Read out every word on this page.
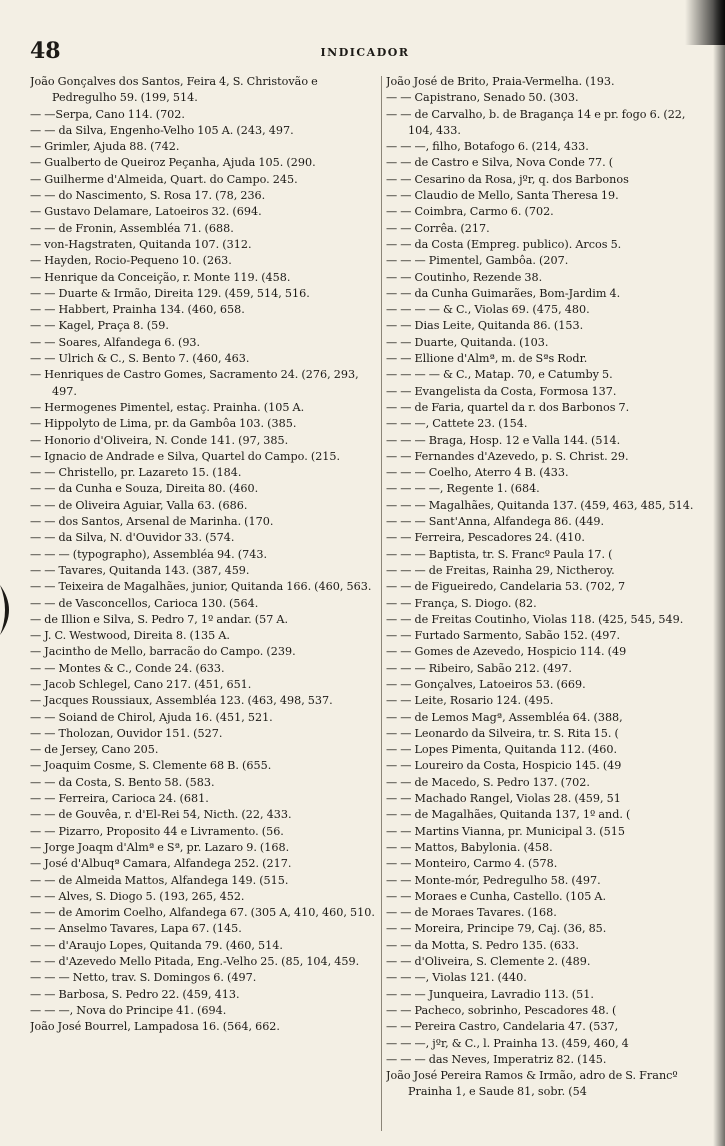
48	INDICADOR

João Gonçalves dos Santos, Feira 4, S. Christovão e Pedregulho 59. (199, 514.

— —Serpa, Cano 114. (702.

— — da Silva, Engenho-Velho 105 A. (243, 497.

— Grimler, Ajuda 88. (742.

— Gualberto de Queiroz Peçanha, Ajuda 105. (290.

— Guilherme d'Almeida, Quart. do Campo. 245.

— — do Nascimento, S. Rosa 17. (78, 236.

— Gustavo Delamare, Latoeiros 32. (694.

— — de Fronin, Assembléa 71. (688.

— von-Hagstraten, Quitanda 107. (312.

— Hayden, Rocio-Pequeno 10. (263.

— Henrique da Conceição, r. Monte 119. (458.

— — Duarte & Irmão, Direita 129. (459, 514, 516.

— — Habbert, Prainha 134. (460, 658.

— — Kagel, Praça 8. (59.

— — Soares, Alfandega 6. (93.

— — Ulrich & C., S. Bento 7. (460, 463.

— Henriques de Castro Gomes, Sacramento 24. (276, 293, 497.

— Hermogenes Pimentel, estaç. Prainha. (105 A.

— Hippolyto de Lima, pr. da Gambôa 103. (385.

— Honorio d'Oliveira, N. Conde 141. (97, 385.

— Ignacio de Andrade e Silva, Quartel do Campo. (215.

— — Christello, pr. Lazareto 15. (184.

— — da Cunha e Souza, Direita 80. (460.

— — de Oliveira Aguiar, Valla 63. (686.

— — dos Santos, Arsenal de Marinha. (170.

— — da Silva, N. d'Ouvidor 33. (574.

— — — (typographo), Assembléa 94. (743.

— — Tavares, Quitanda 143. (387, 459.

— — Teixeira de Magalhães, junior, Quitanda 166. (460, 563.

— — de Vasconcellos, Carioca 130. (564.

— de Illion e Silva, S. Pedro 7, 1º andar. (57 A.

— J. C. Westwood, Direita 8. (135 A.

— Jacintho de Mello, barracão do Campo. (239.

— — Montes & C., Conde 24. (633.

— Jacob Schlegel, Cano 217. (451, 651.

— Jacques Roussiaux, Assembléa 123. (463, 498, 537.

— — Soiand de Chirol, Ajuda 16. (451, 521.

— — Tholozan, Ouvidor 151. (527.

— de Jersey, Cano 205.

— Joaquim Cosme, S. Clemente 68 B. (655.

— — da Costa, S. Bento 58. (583.

— — Ferreira, Carioca 24. (681.

— — de Gouvêa, r. d'El-Rei 54, Nicth. (22, 433.

— — Pizarro, Proposito 44 e Livramento. (56.

— Jorge Joaqm d'Almª e Sª, pr. Lazaro 9. (168.

— José d'Albuqª Camara, Alfandega 252. (217.

— — de Almeida Mattos, Alfandega 149. (515.

— — Alves, S. Diogo 5. (193, 265, 452.

— — de Amorim Coelho, Alfandega 67. (305 A, 410, 460, 510.

— — Anselmo Tavares, Lapa 67. (145.

— — d'Araujo Lopes, Quitanda 79. (460, 514.

— — d'Azevedo Mello Pitada, Eng.-Velho 25. (85, 104, 459.

— — — Netto, trav. S. Domingos 6. (497.

— — Barbosa, S. Pedro 22. (459, 413.

— — —, Nova do Principe 41. (694.

João José Bourrel, Lampadosa 16. (564, 662.

João José de Brito, Praia-Vermelha. (193.

— — Capistrano, Senado 50. (303.

— — de Carvalho, b. de Bragança 14 e pr. fogo 6. (22, 104, 433.

— — —, filho, Botafogo 6. (214, 433.

— — de Castro e Silva, Nova Conde 77. (

— — Cesarino da Rosa, jºr, q. dos Barbonos

— — Claudio de Mello, Santa Theresa 19.

— — Coimbra, Carmo 6. (702.

— — Corrêa. (217.

— — da Costa (Empreg. publico). Arcos 5.

— — — Pimentel, Gambôa. (207.

— — Coutinho, Rezende 38.

— — da Cunha Guimarães, Bom-Jardim 4.

— — — — & C., Violas 69. (475, 480.

— — Dias Leite, Quitanda 86. (153.

— — Duarte, Quitanda. (103.

— — Ellione d'Almª, m. de Sªs Rodr.

— — — — & C., Matap. 70, e Catumby 5.

— — Evangelista da Costa, Formosa 137.

— — de Faria, quartel da r. dos Barbonos 7.

— — —, Cattete 23. (154.

— — — Braga, Hosp. 12 e Valla 144. (514.

— — Fernandes d'Azevedo, p. S. Christ. 29.

— — — Coelho, Aterro 4 B. (433.

— — — —, Regente 1. (684.

— — — Magalhães, Quitanda 137. (459, 463, 485, 514.

— — — Sant'Anna, Alfandega 86. (449.

— — Ferreira, Pescadores 24. (410.

— — — Baptista, tr. S. Francº Paula 17. (

— — — de Freitas, Rainha 29, Nictheroy.

— — de Figueiredo, Candelaria 53. (702, 7

— — França, S. Diogo. (82.

— — de Freitas Coutinho, Violas 118. (425, 545, 549.

— — Furtado Sarmento, Sabão 152. (497.

— — Gomes de Azevedo, Hospicio 114. (49

— — — Ribeiro, Sabão 212. (497.

— — Gonçalves, Latoeiros 53. (669.

— — Leite, Rosario 124. (495.

— — de Lemos Magª, Assembléa 64. (388,

— — Leonardo da Silveira, tr. S. Rita 15. (

— — Lopes Pimenta, Quitanda 112. (460.

— — Loureiro da Costa, Hospicio 145. (49

— — de Macedo, S. Pedro 137. (702.

— — Machado Rangel, Violas 28. (459, 51

— — de Magalhães, Quitanda 137, 1º and. (

— — Martins Vianna, pr. Municipal 3. (515

— — Mattos, Babylonia. (458.

— — Monteiro, Carmo 4. (578.

— — Monte-mór, Pedregulho 58. (497.

— — Moraes e Cunha, Castello. (105 A.

— — de Moraes Tavares. (168.

— — Moreira, Principe 79, Caj. (36, 85.

— — da Motta, S. Pedro 135. (633.

— — d'Oliveira, S. Clemente 2. (489.

— — —, Violas 121. (440.

— — — Junqueira, Lavradio 113. (51.

— — Pacheco, sobrinho, Pescadores 48. (

— — Pereira Castro, Candelaria 47. (537,

— — —, jºr, & C., l. Prainha 13. (459, 460, 4

— — — das Neves, Imperatriz 82. (145.

João José Pereira Ramos & Irmão, adro de S. Francº Prainha 1, e Saude 81, sobr. (54
